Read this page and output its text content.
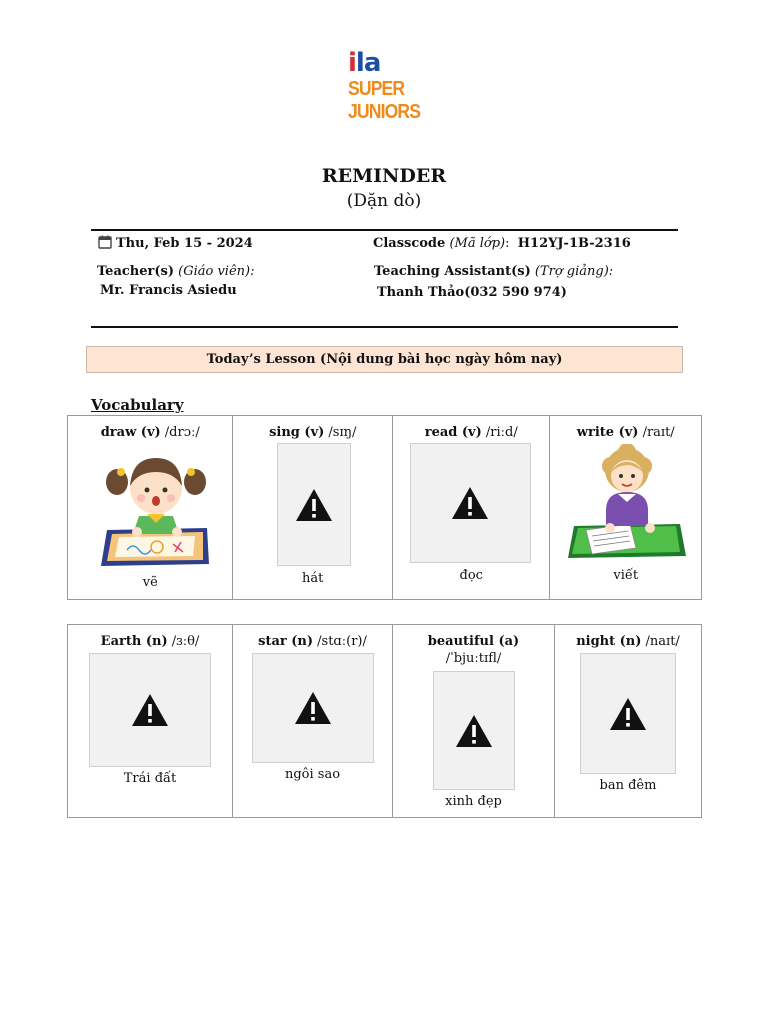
ila
SUPER
JUNIORS
REMINDER
(Dặn dò)
Thu, Feb 15 - 2024	Classcode (Mã lớp): H12YJ-1B-2316
Teacher(s) (Giáo viên):
Mr. Francis Asiedu
Teaching Assistant(s) (Trợ giảng):
Thanh Thảo(032 590 974)
Today’s Lesson (Nội dung bài học ngày hôm nay)
Vocabulary
draw (v) /drɔː/
vẽ
sing (v) /sɪŋ/
hát
read (v) /riːd/
đọc
write (v) /raɪt/
viết
Earth (n) /ɜːθ/
Trái đất
star (n) /stɑː(r)/
ngôi sao
beautiful (a)
/ˈbjuːtɪfl/
xinh đẹp
night (n) /naɪt/
ban đêm
